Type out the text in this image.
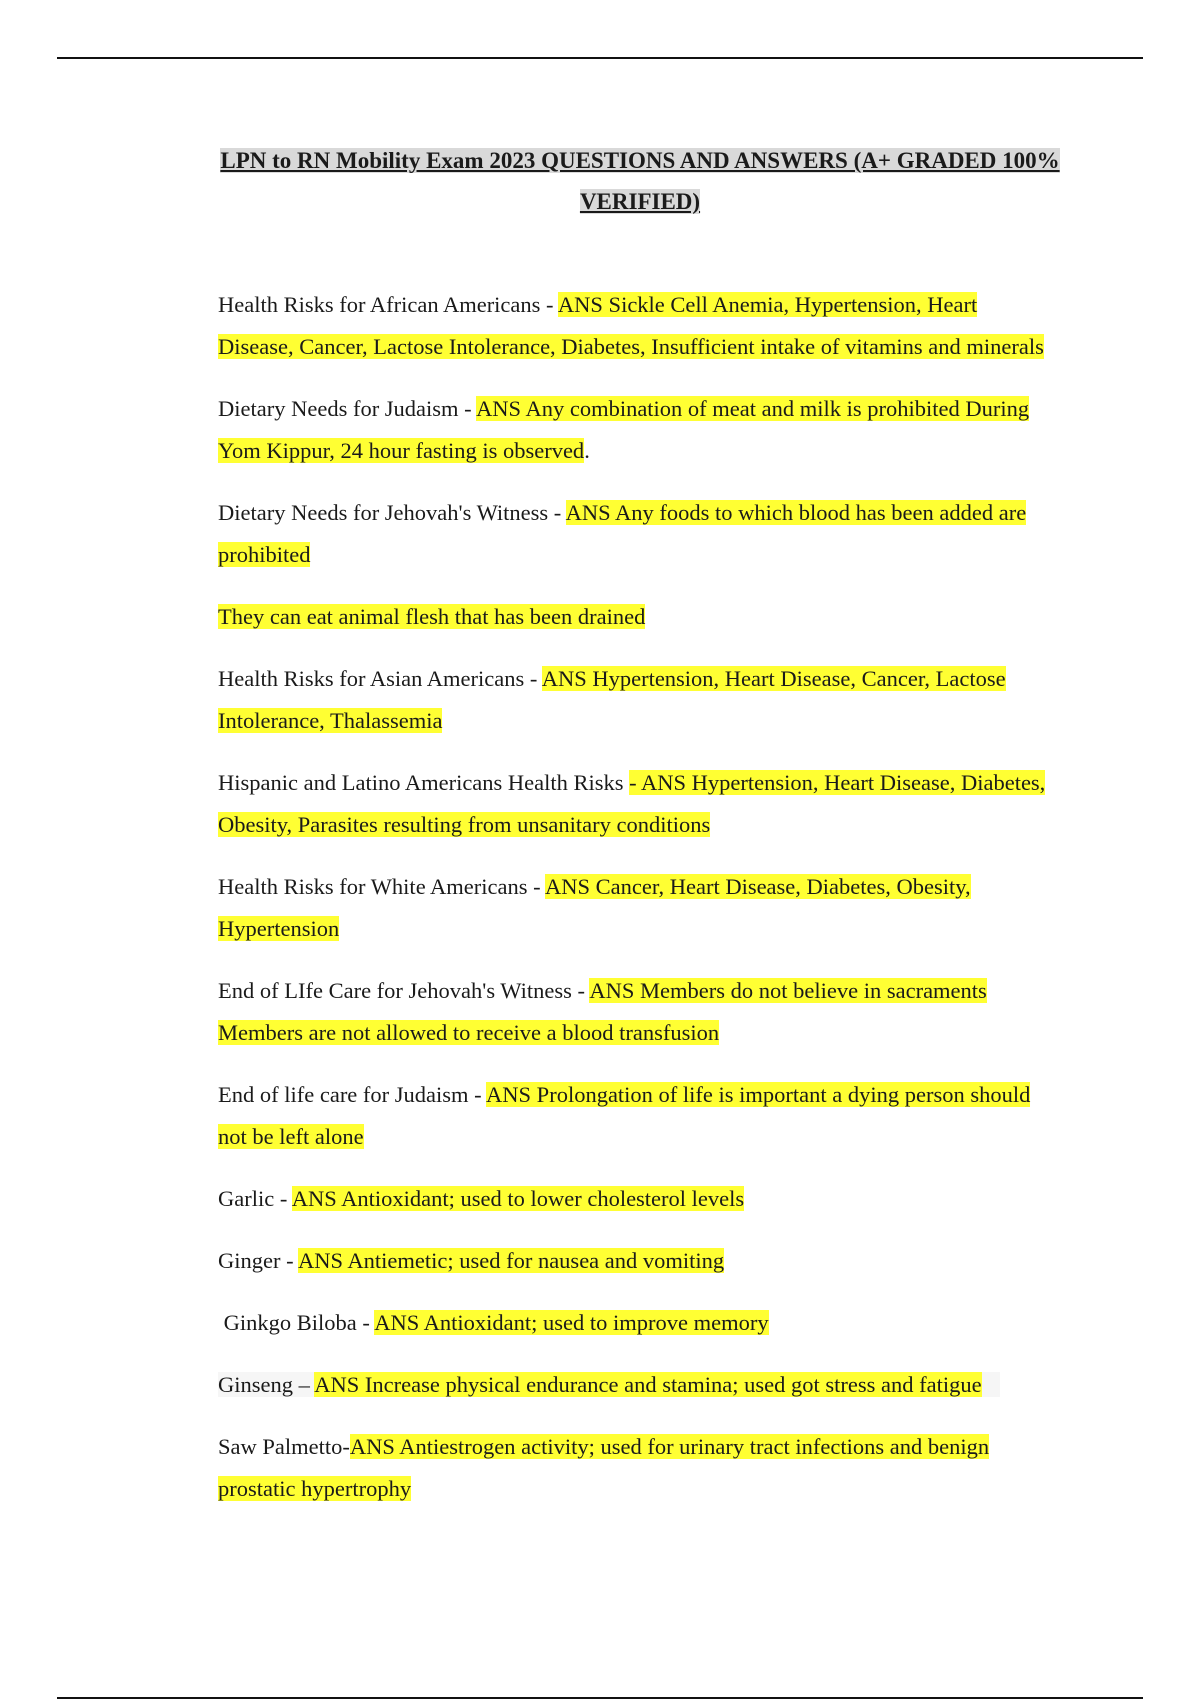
LPN to RN Mobility Exam 2023 QUESTIONS AND ANSWERS (A+ GRADED 100% VERIFIED)

Health Risks for African Americans - ANS Sickle Cell Anemia, Hypertension, Heart Disease, Cancer, Lactose Intolerance, Diabetes, Insufficient intake of vitamins and minerals

Dietary Needs for Judaism - ANS Any combination of meat and milk is prohibited During Yom Kippur, 24 hour fasting is observed.

Dietary Needs for Jehovah's Witness - ANS Any foods to which blood has been added are prohibited

They can eat animal flesh that has been drained

Health Risks for Asian Americans - ANS Hypertension, Heart Disease, Cancer, Lactose Intolerance, Thalassemia

Hispanic and Latino Americans Health Risks - ANS Hypertension, Heart Disease, Diabetes, Obesity, Parasites resulting from unsanitary conditions

Health Risks for White Americans - ANS Cancer, Heart Disease, Diabetes, Obesity, Hypertension

End of LIfe Care for Jehovah's Witness - ANS Members do not believe in sacraments Members are not allowed to receive a blood transfusion

End of life care for Judaism - ANS Prolongation of life is important a dying person should not be left alone

Garlic - ANS Antioxidant; used to lower cholesterol levels

Ginger - ANS Antiemetic; used for nausea and vomiting

Ginkgo Biloba - ANS Antioxidant; used to improve memory

Ginseng – ANS Increase physical endurance and stamina; used got stress and fatigue

Saw Palmetto-ANS Antiestrogen activity; used for urinary tract infections and benign prostatic hypertrophy
